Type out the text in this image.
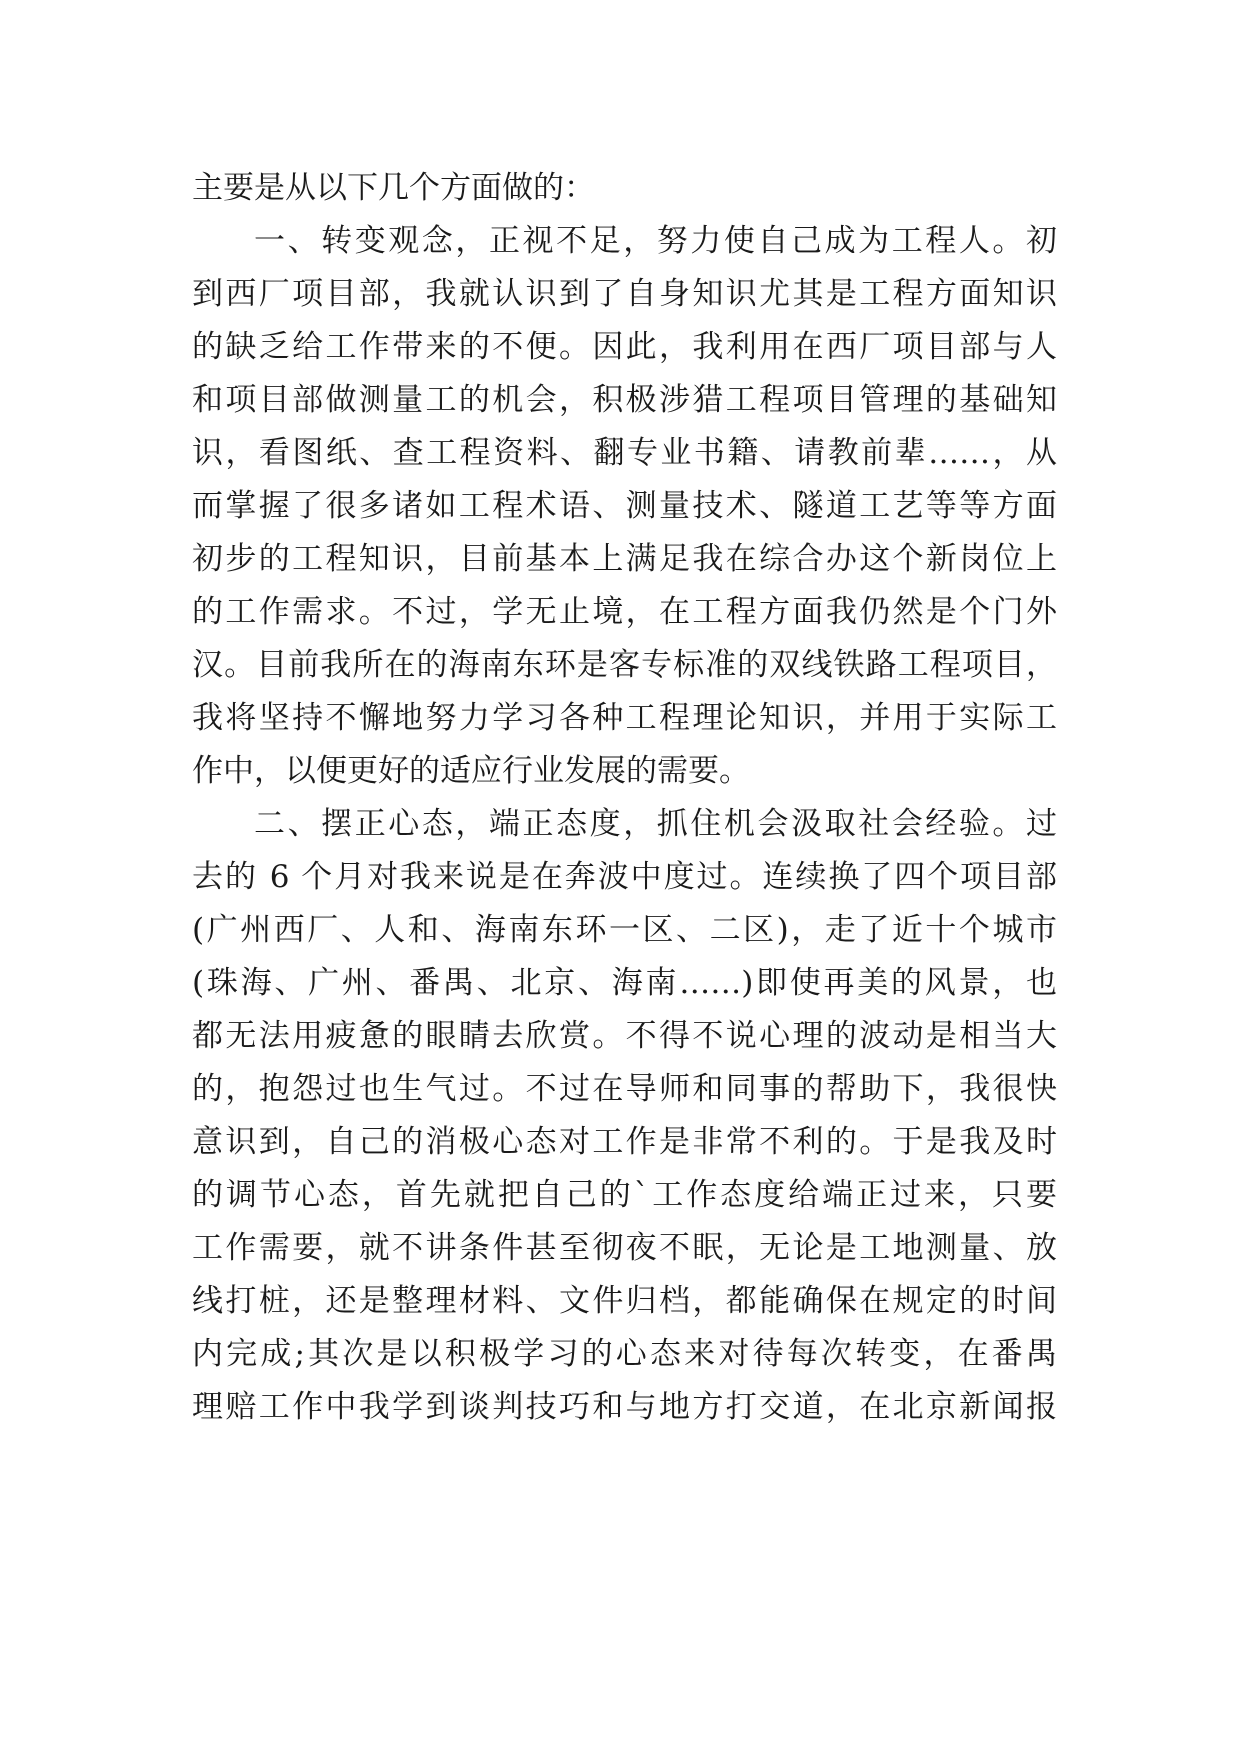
主要是从以下几个方面做的：
一、转变观念，正视不足，努力使自己成为工程人。初
到西厂项目部，我就认识到了自身知识尤其是工程方面知识
的缺乏给工作带来的不便。因此，我利用在西厂项目部与人
和项目部做测量工的机会，积极涉猎工程项目管理的基础知
识，看图纸、查工程资料、翻专业书籍、请教前辈……，从
而掌握了很多诸如工程术语、测量技术、隧道工艺等等方面
初步的工程知识，目前基本上满足我在综合办这个新岗位上
的工作需求。不过，学无止境，在工程方面我仍然是个门外
汉。目前我所在的海南东环是客专标准的双线铁路工程项目，
我将坚持不懈地努力学习各种工程理论知识，并用于实际工
作中，以便更好的适应行业发展的需要。
二、摆正心态，端正态度，抓住机会汲取社会经验。过
去的 6 个月对我来说是在奔波中度过。连续换了四个项目部
(广州西厂、人和、海南东环一区、二区)，走了近十个城市
(珠海、广州、番禺、北京、海南……)即使再美的风景，也
都无法用疲惫的眼睛去欣赏。不得不说心理的波动是相当大
的，抱怨过也生气过。不过在导师和同事的帮助下，我很快
意识到，自己的消极心态对工作是非常不利的。于是我及时
的调节心态，首先就把自己的`工作态度给端正过来，只要
工作需要，就不讲条件甚至彻夜不眠，无论是工地测量、放
线打桩，还是整理材料、文件归档，都能确保在规定的时间
内完成;其次是以积极学习的心态来对待每次转变，在番禺
理赔工作中我学到谈判技巧和与地方打交道，在北京新闻报
